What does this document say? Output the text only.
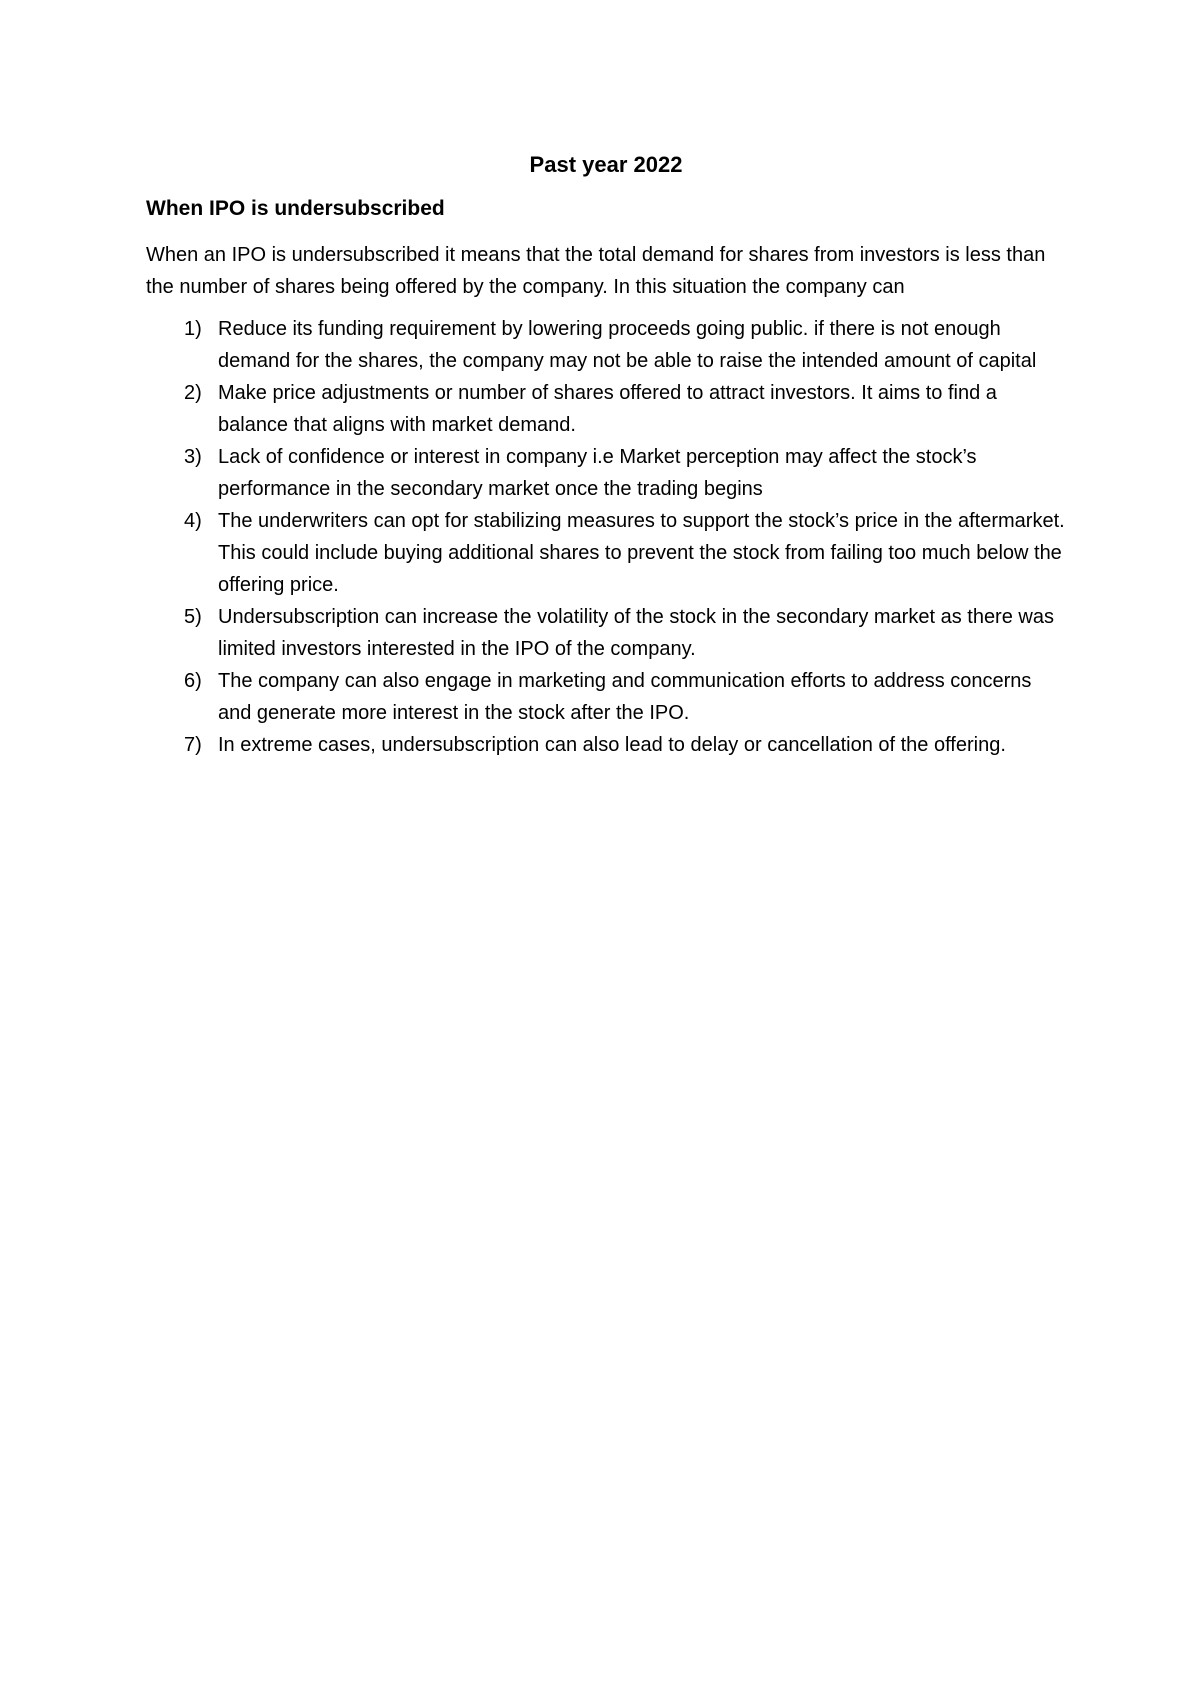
Past year 2022
When IPO is undersubscribed
When an IPO is undersubscribed it means that the total demand for shares from investors is less than the number of shares being offered by the company. In this situation the company can
1) Reduce its funding requirement by lowering proceeds going public. if there is not enough demand for the shares, the company may not be able to raise the intended amount of capital
2) Make price adjustments or number of shares offered to attract investors. It aims to find a balance that aligns with market demand.
3) Lack of confidence or interest in company i.e Market perception may affect the stock’s performance in the secondary market once the trading begins
4) The underwriters can opt for stabilizing measures to support the stock’s price in the aftermarket. This could include buying additional shares to prevent the stock from failing too much below the offering price.
5) Undersubscription can increase the volatility of the stock in the secondary market as there was limited investors interested in the IPO of the company.
6) The company can also engage in marketing and communication efforts to address concerns and generate more interest in the stock after the IPO.
7) In extreme cases, undersubscription can also lead to delay or cancellation of the offering.
